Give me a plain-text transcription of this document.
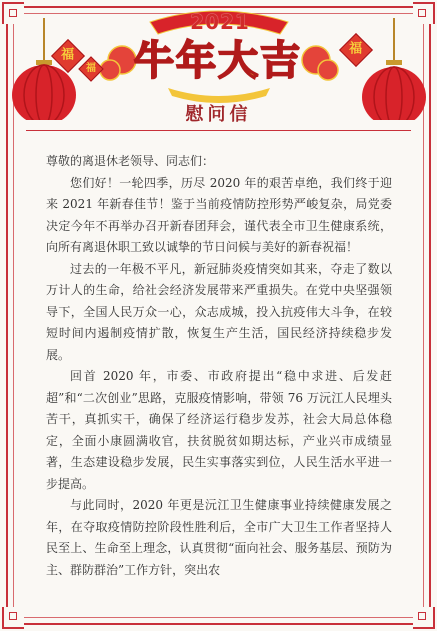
2021
牛年大吉
福
福
福
慰问信

尊敬的离退休老领导、同志们：

您们好！一轮四季，历尽 2020 年的艰苦卓绝，我们终于迎来 2021 年新春佳节！鉴于当前疫情防控形势严峻复杂，局党委决定今年不再举办召开新春团拜会，谨代表全市卫生健康系统，向所有离退休职工致以诚挚的节日问候与美好的新春祝福！

过去的一年极不平凡，新冠肺炎疫情突如其来，夺走了数以万计人的生命，给社会经济发展带来严重损失。在党中央坚强领导下，全国人民万众一心，众志成城，投入抗疫伟大斗争，在较短时间内遏制疫情扩散，恢复生产生活，国民经济持续稳步发展。

回首 2020 年，市委、市政府提出“稳中求进、后发赶超”和“二次创业”思路，克服疫情影响，带领 76 万沅江人民埋头苦干，真抓实干，确保了经济运行稳步发苏，社会大局总体稳定，全面小康圆满收官，扶贫脱贫如期达标，产业兴市成绩显著，生态建设稳步发展，民生实事落实到位，人民生活水平进一步提高。

与此同时，2020 年更是沅江卫生健康事业持续健康发展之年，在夺取疫情防控阶段性胜利后，全市广大卫生工作者坚持人民至上、生命至上理念，认真贯彻“面向社会、服务基层、预防为主、群防群治”工作方针，突出农
